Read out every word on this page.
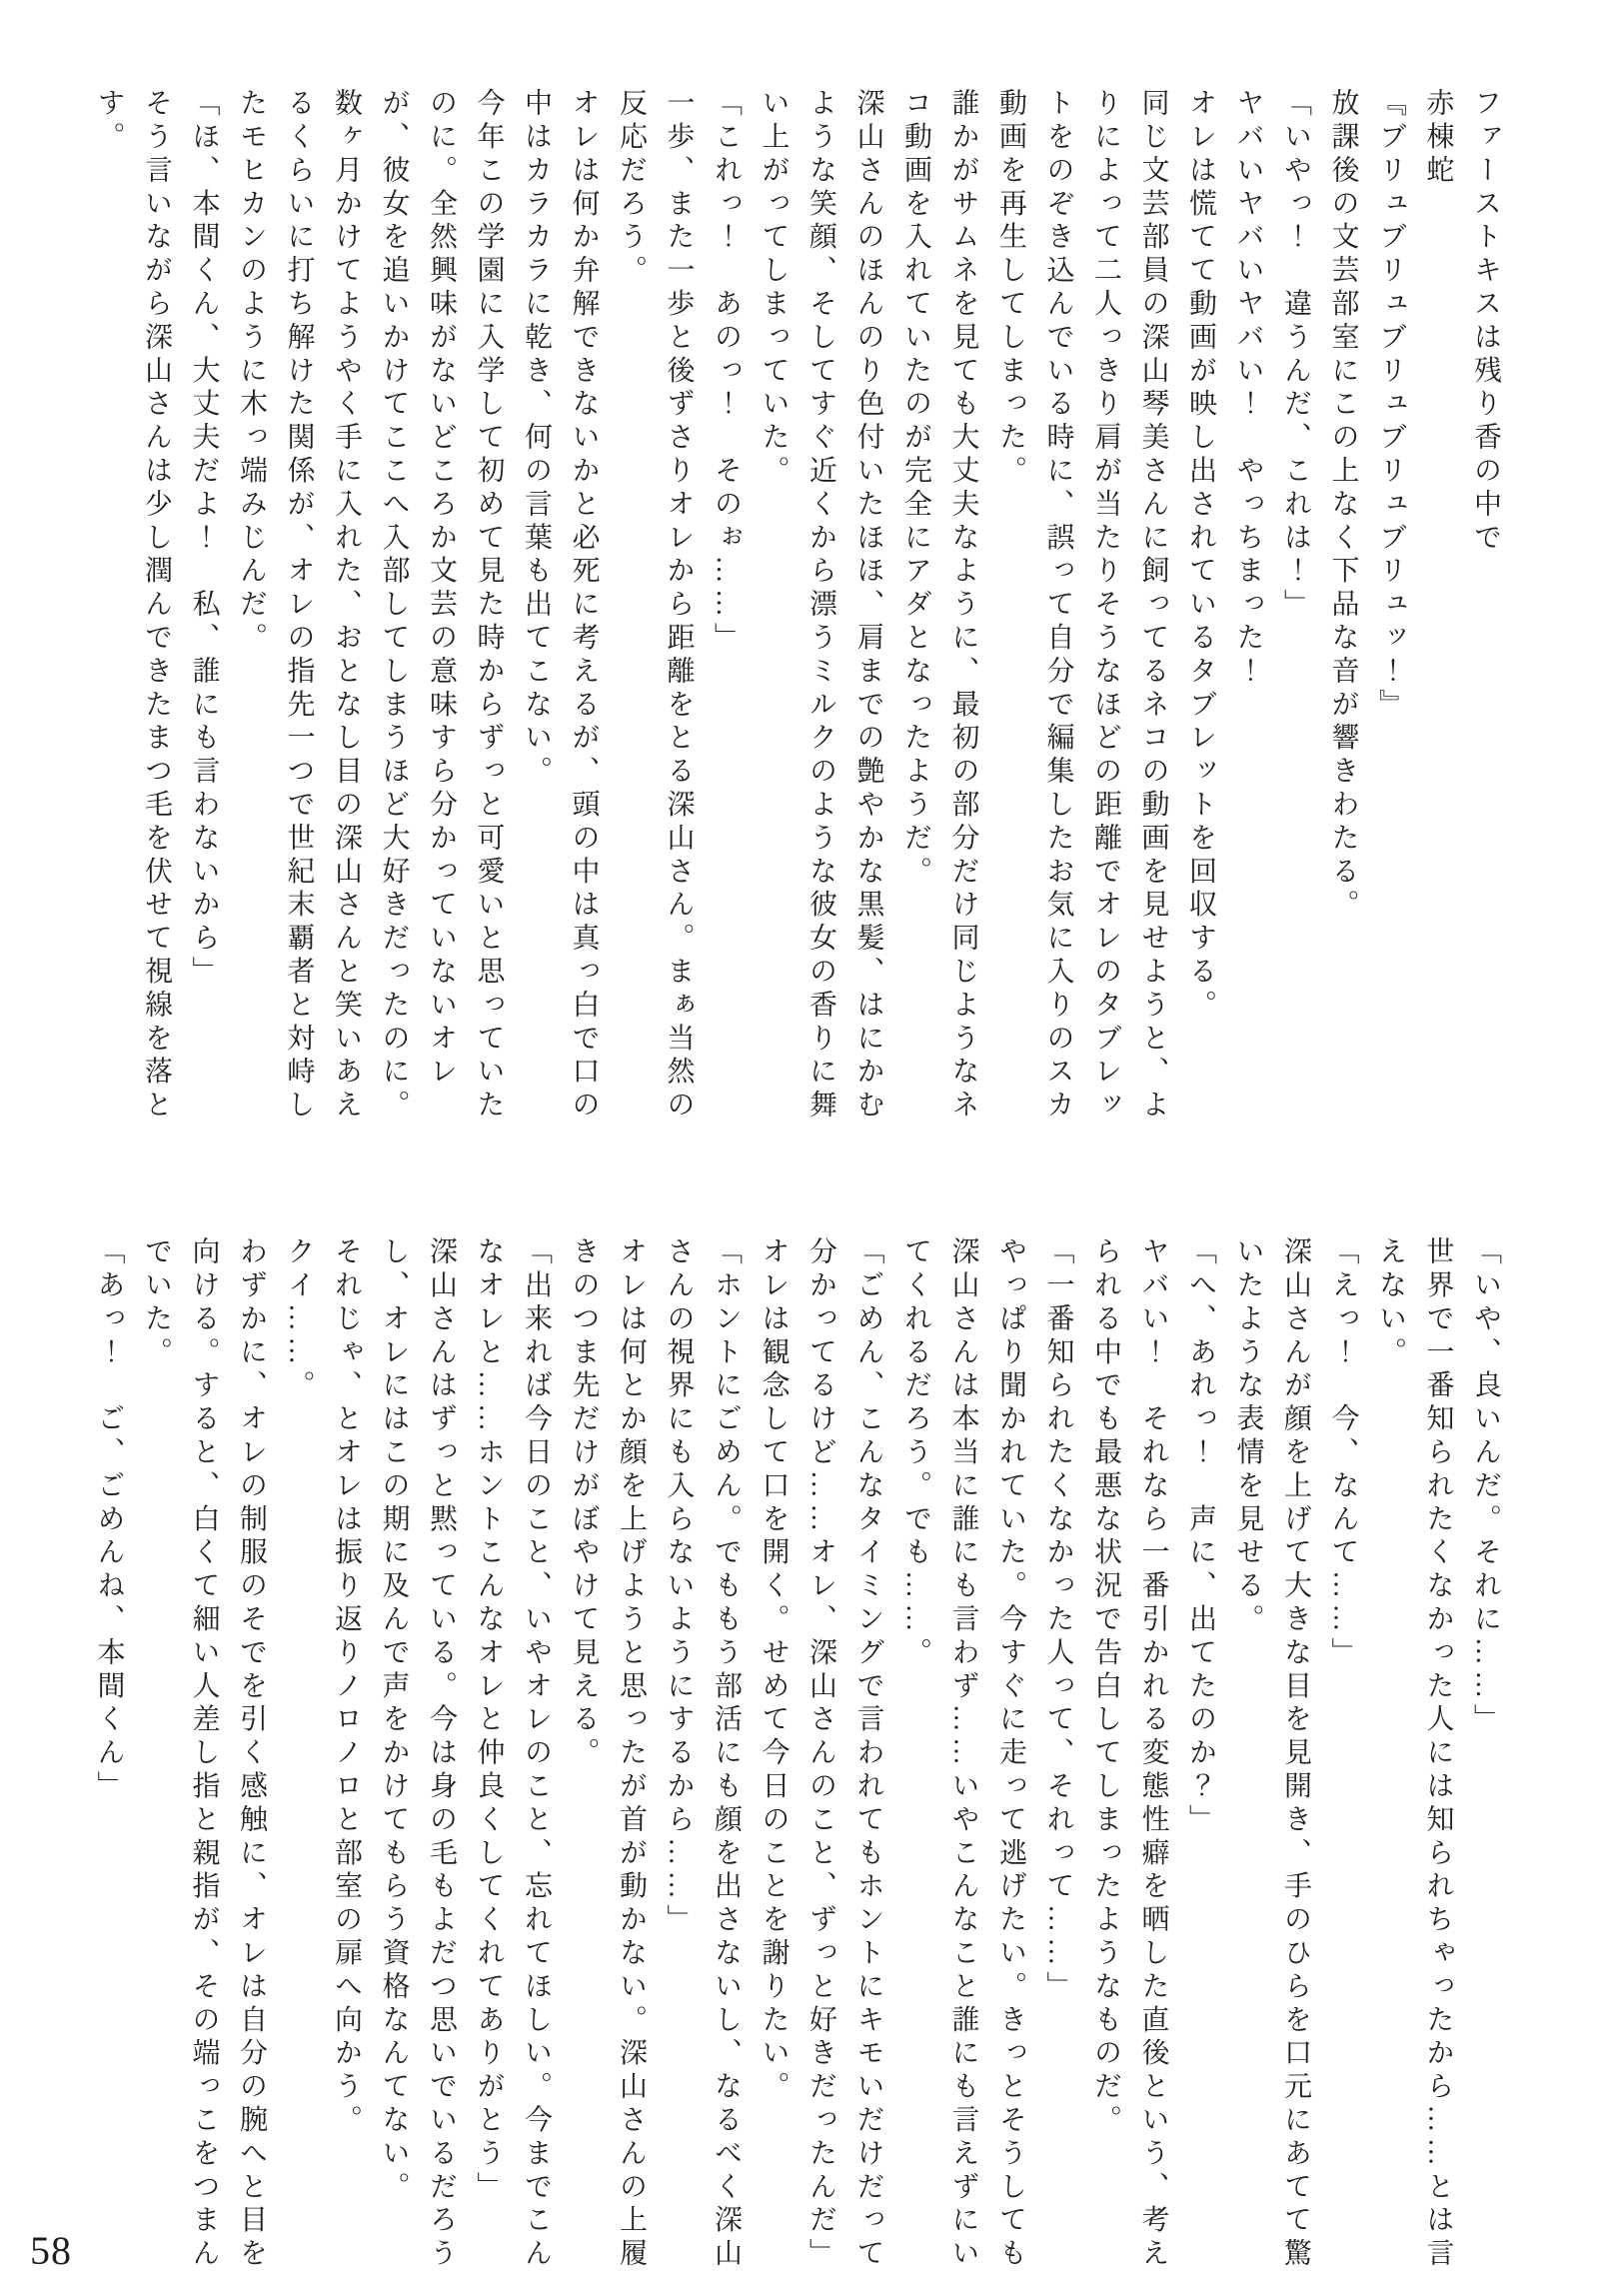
ファーストキスは残り香の中で

赤棟蛇

『ブリュブリュブリュブリュブリュッ！』

放課後の文芸部室にこの上なく下品な音が響きわたる。

「いやっ！　違うんだ、これは！」

ヤバいヤバいヤバい！　やっちまった！

オレは慌てて動画が映し出されているタブレットを回収する。

同じ文芸部員の深山琴美さんに飼ってるネコの動画を見せようと、よりによって二人っきり肩が当たりそうなほどの距離でオレのタブレットをのぞき込んでいる時に、誤って自分で編集したお気に入りのスカ動画を再生してしまった。

誰かがサムネを見ても大丈夫なように、最初の部分だけ同じようなネコ動画を入れていたのが完全にアダとなったようだ。

深山さんのほんのり色付いたほほ、肩までの艶やかな黒髪、はにかむような笑顔、そしてすぐ近くから漂うミルクのような彼女の香りに舞い上がってしまっていた。

「これっ！　あのっ！　そのぉ……」

一歩、また一歩と後ずさりオレから距離をとる深山さん。まぁ当然の反応だろう。

オレは何か弁解できないかと必死に考えるが、頭の中は真っ白で口の中はカラカラに乾き、何の言葉も出てこない。

今年この学園に入学して初めて見た時からずっと可愛いと思っていたのに。全然興味がないどころか文芸の意味すら分かっていないオレが、彼女を追いかけてここへ入部してしまうほど大好きだったのに。

数ヶ月かけてようやく手に入れた、おとなし目の深山さんと笑いあえるくらいに打ち解けた関係が、オレの指先一つで世紀末覇者と対峙したモヒカンのように木っ端みじんだ。

「ほ、本間くん、大丈夫だよ！　私、誰にも言わないから」

そう言いながら深山さんは少し潤んできたまつ毛を伏せて視線を落とす。

「いや、良いんだ。それに……」

世界で一番知られたくなかった人には知られちゃったから……とは言えない。

「えっ！　今、なんて……」

深山さんが顔を上げて大きな目を見開き、手のひらを口元にあてて驚いたような表情を見せる。

「へ、あれっ！　声に、出てたのか？」

ヤバい！　それなら一番引かれる変態性癖を晒した直後という、考えられる中でも最悪な状況で告白してしまったようなものだ。

「一番知られたくなかった人って、それって……」

やっぱり聞かれていた。今すぐに走って逃げたい。きっとそうしても深山さんは本当に誰にも言わず……いやこんなこと誰にも言えずにいてくれるだろう。でも……。

「ごめん、こんなタイミングで言われてもホントにキモいだけだって分かってるけど……オレ、深山さんのこと、ずっと好きだったんだ」

オレは観念して口を開く。せめて今日のことを謝りたい。

「ホントにごめん。でももう部活にも顔を出さないし、なるべく深山さんの視界にも入らないようにするから……」

オレは何とか顔を上げようと思ったが首が動かない。深山さんの上履きのつま先だけがぼやけて見える。

「出来れば今日のこと、いやオレのこと、忘れてほしい。今までこんなオレと……ホントこんなオレと仲良くしてくれてありがとう」

深山さんはずっと黙っている。今は身の毛もよだつ思いでいるだろうし、オレにはこの期に及んで声をかけてもらう資格なんてない。

それじゃ、とオレは振り返りノロノロと部室の扉へ向かう。

クイ……。

わずかに、オレの制服のそでを引く感触に、オレは自分の腕へと目を向ける。すると、白くて細い人差し指と親指が、その端っこをつまんでいた。

「あっ！　ご、ごめんね、本間くん」

58
